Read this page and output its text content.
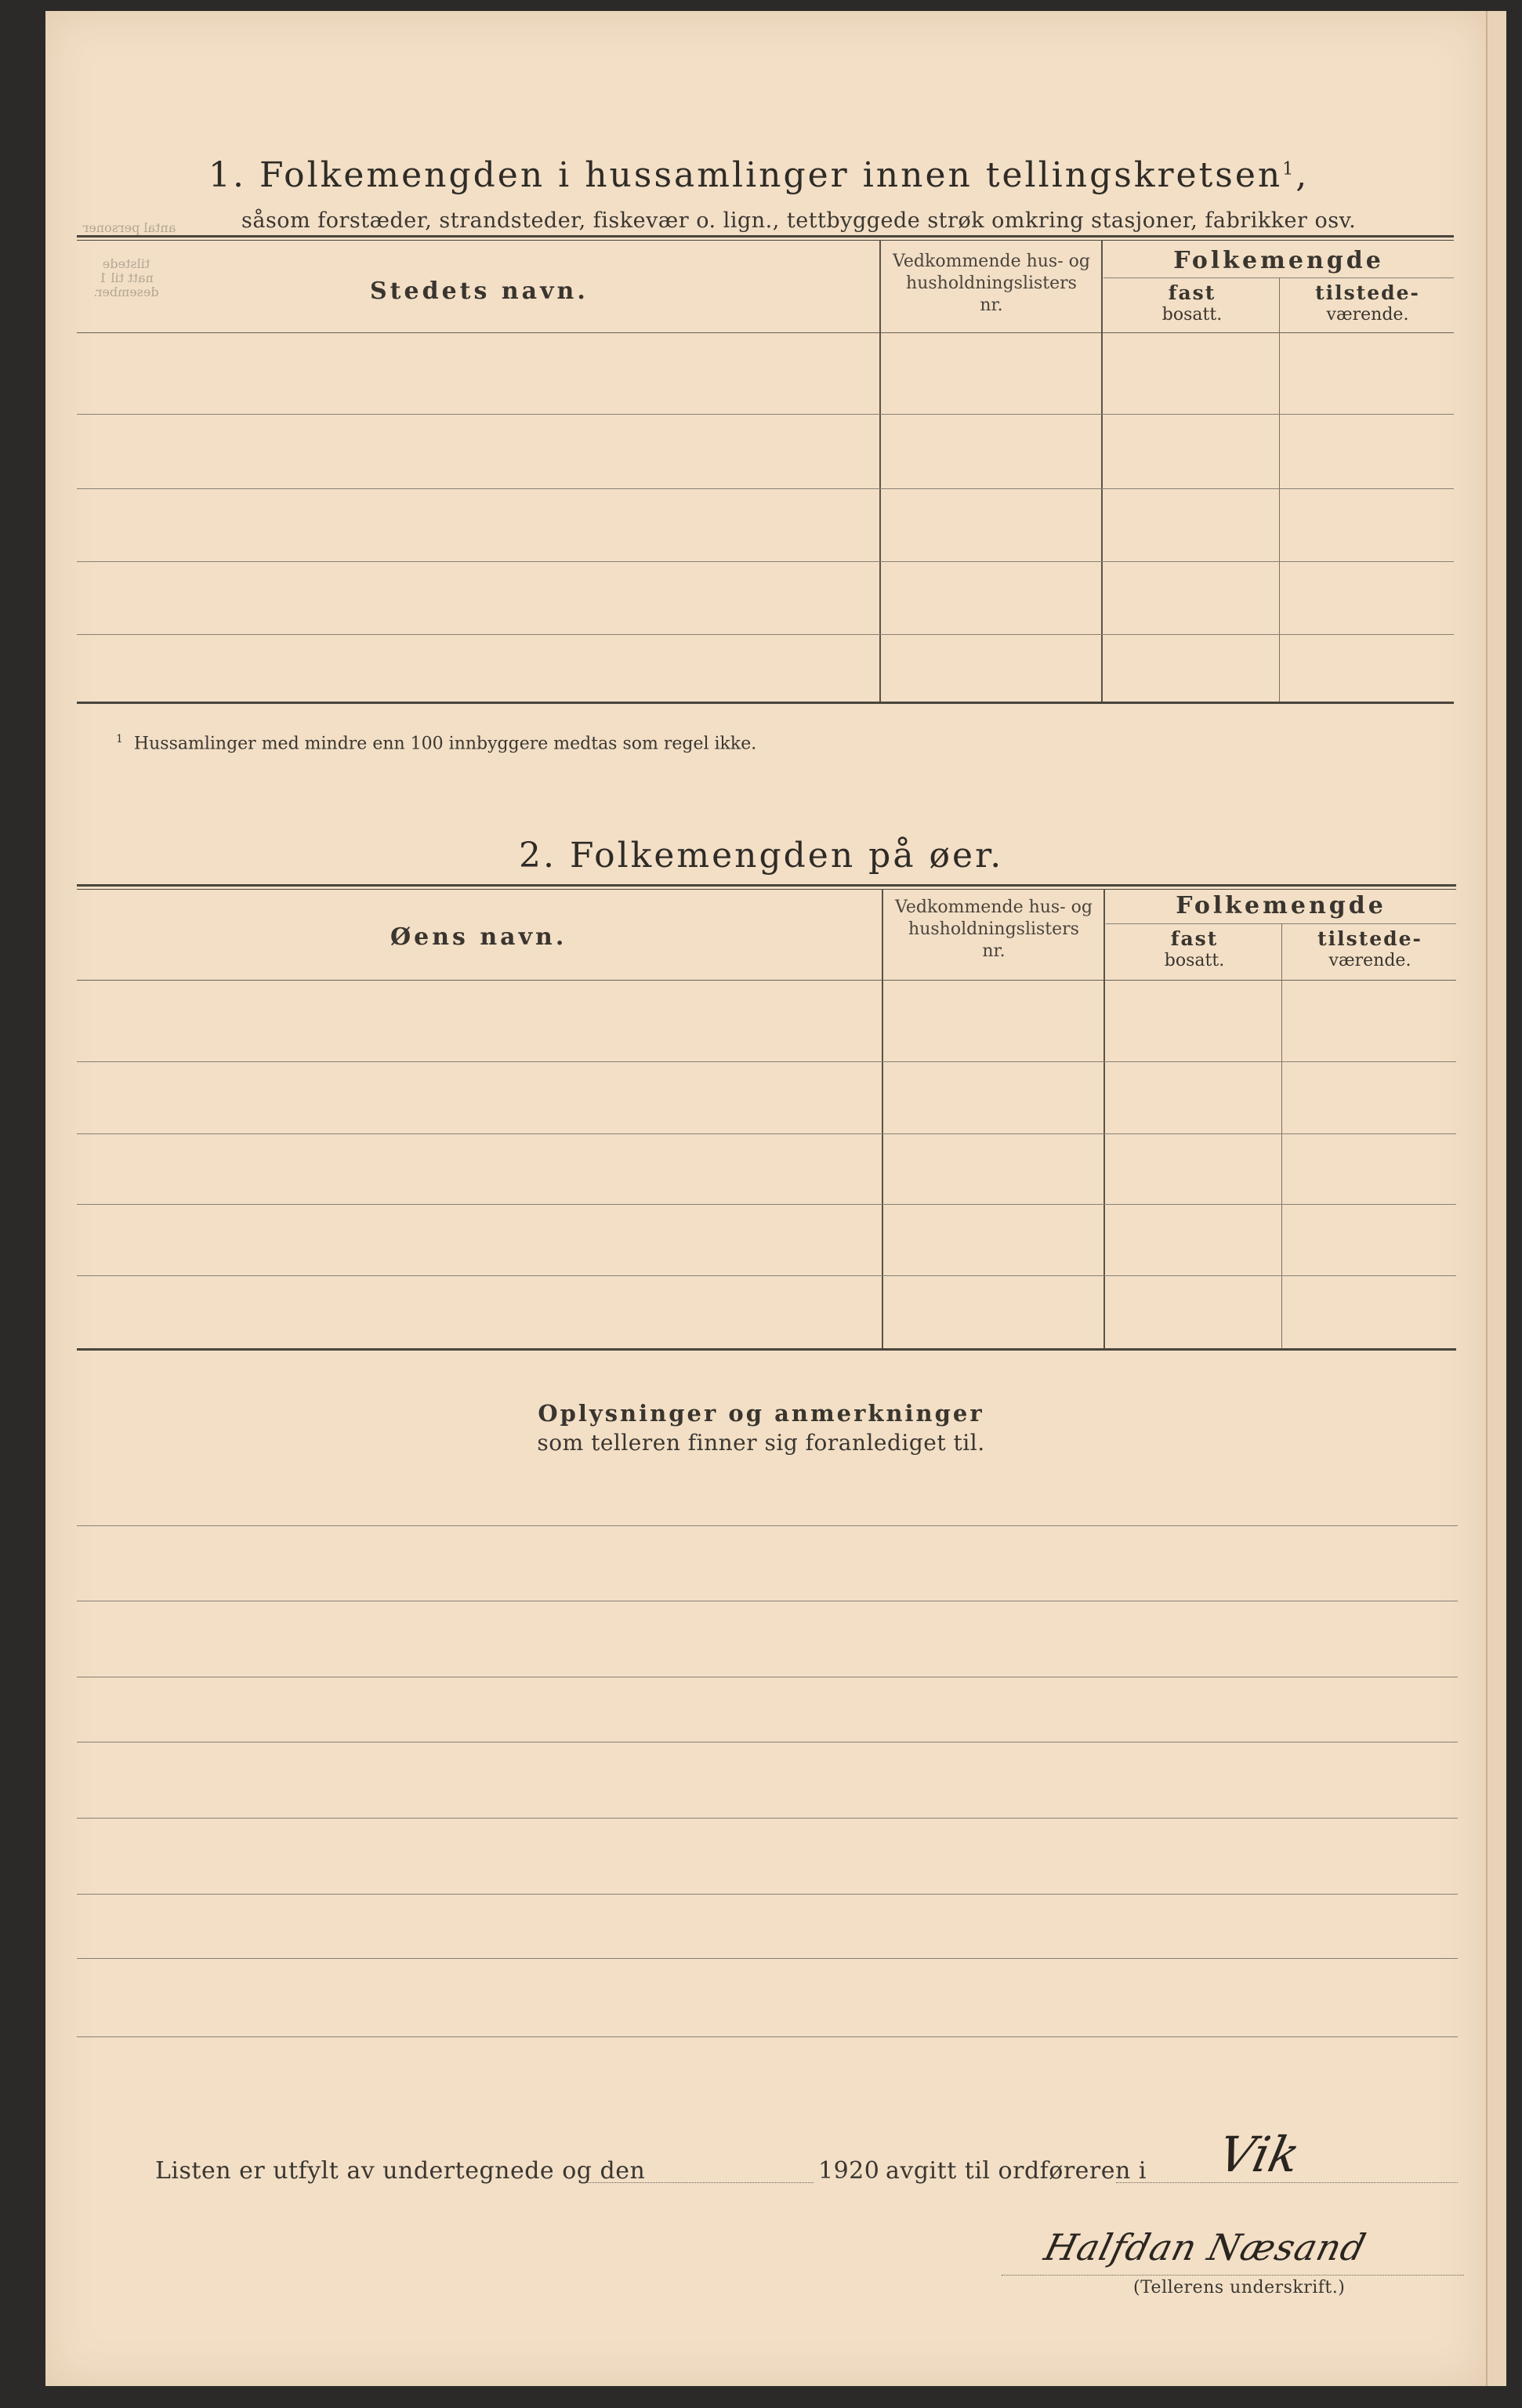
antal personer
tilstede
natt til 1
desember.
1. Folkemengden i hussamlinger innen tellingskretsen$^1$,
såsom forstæder, strandsteder, fiskevær o. lign., tettbyggede strøk omkring stasjoner, fabrikker osv.
Stedets navn.
Vedkommende hus- og
husholdningslisters
nr.
Folkemengde
fast
bosatt.
tilstede-
værende.
$^1$ Hussamlinger med mindre enn 100 innbyggere medtas som regel ikke.
2. Folkemengden på øer.
Øens navn.
Vedkommende hus- og
husholdningslisters
nr.
Folkemengde
fast
bosatt.
tilstede-
værende.
Oplysninger og anmerkninger
som telleren finner sig foranlediget til.
Listen er utfylt av undertegnede og den	1920 avgitt til ordføreren i Vik
Halfdan Næsand
(Tellerens underskrift.)
